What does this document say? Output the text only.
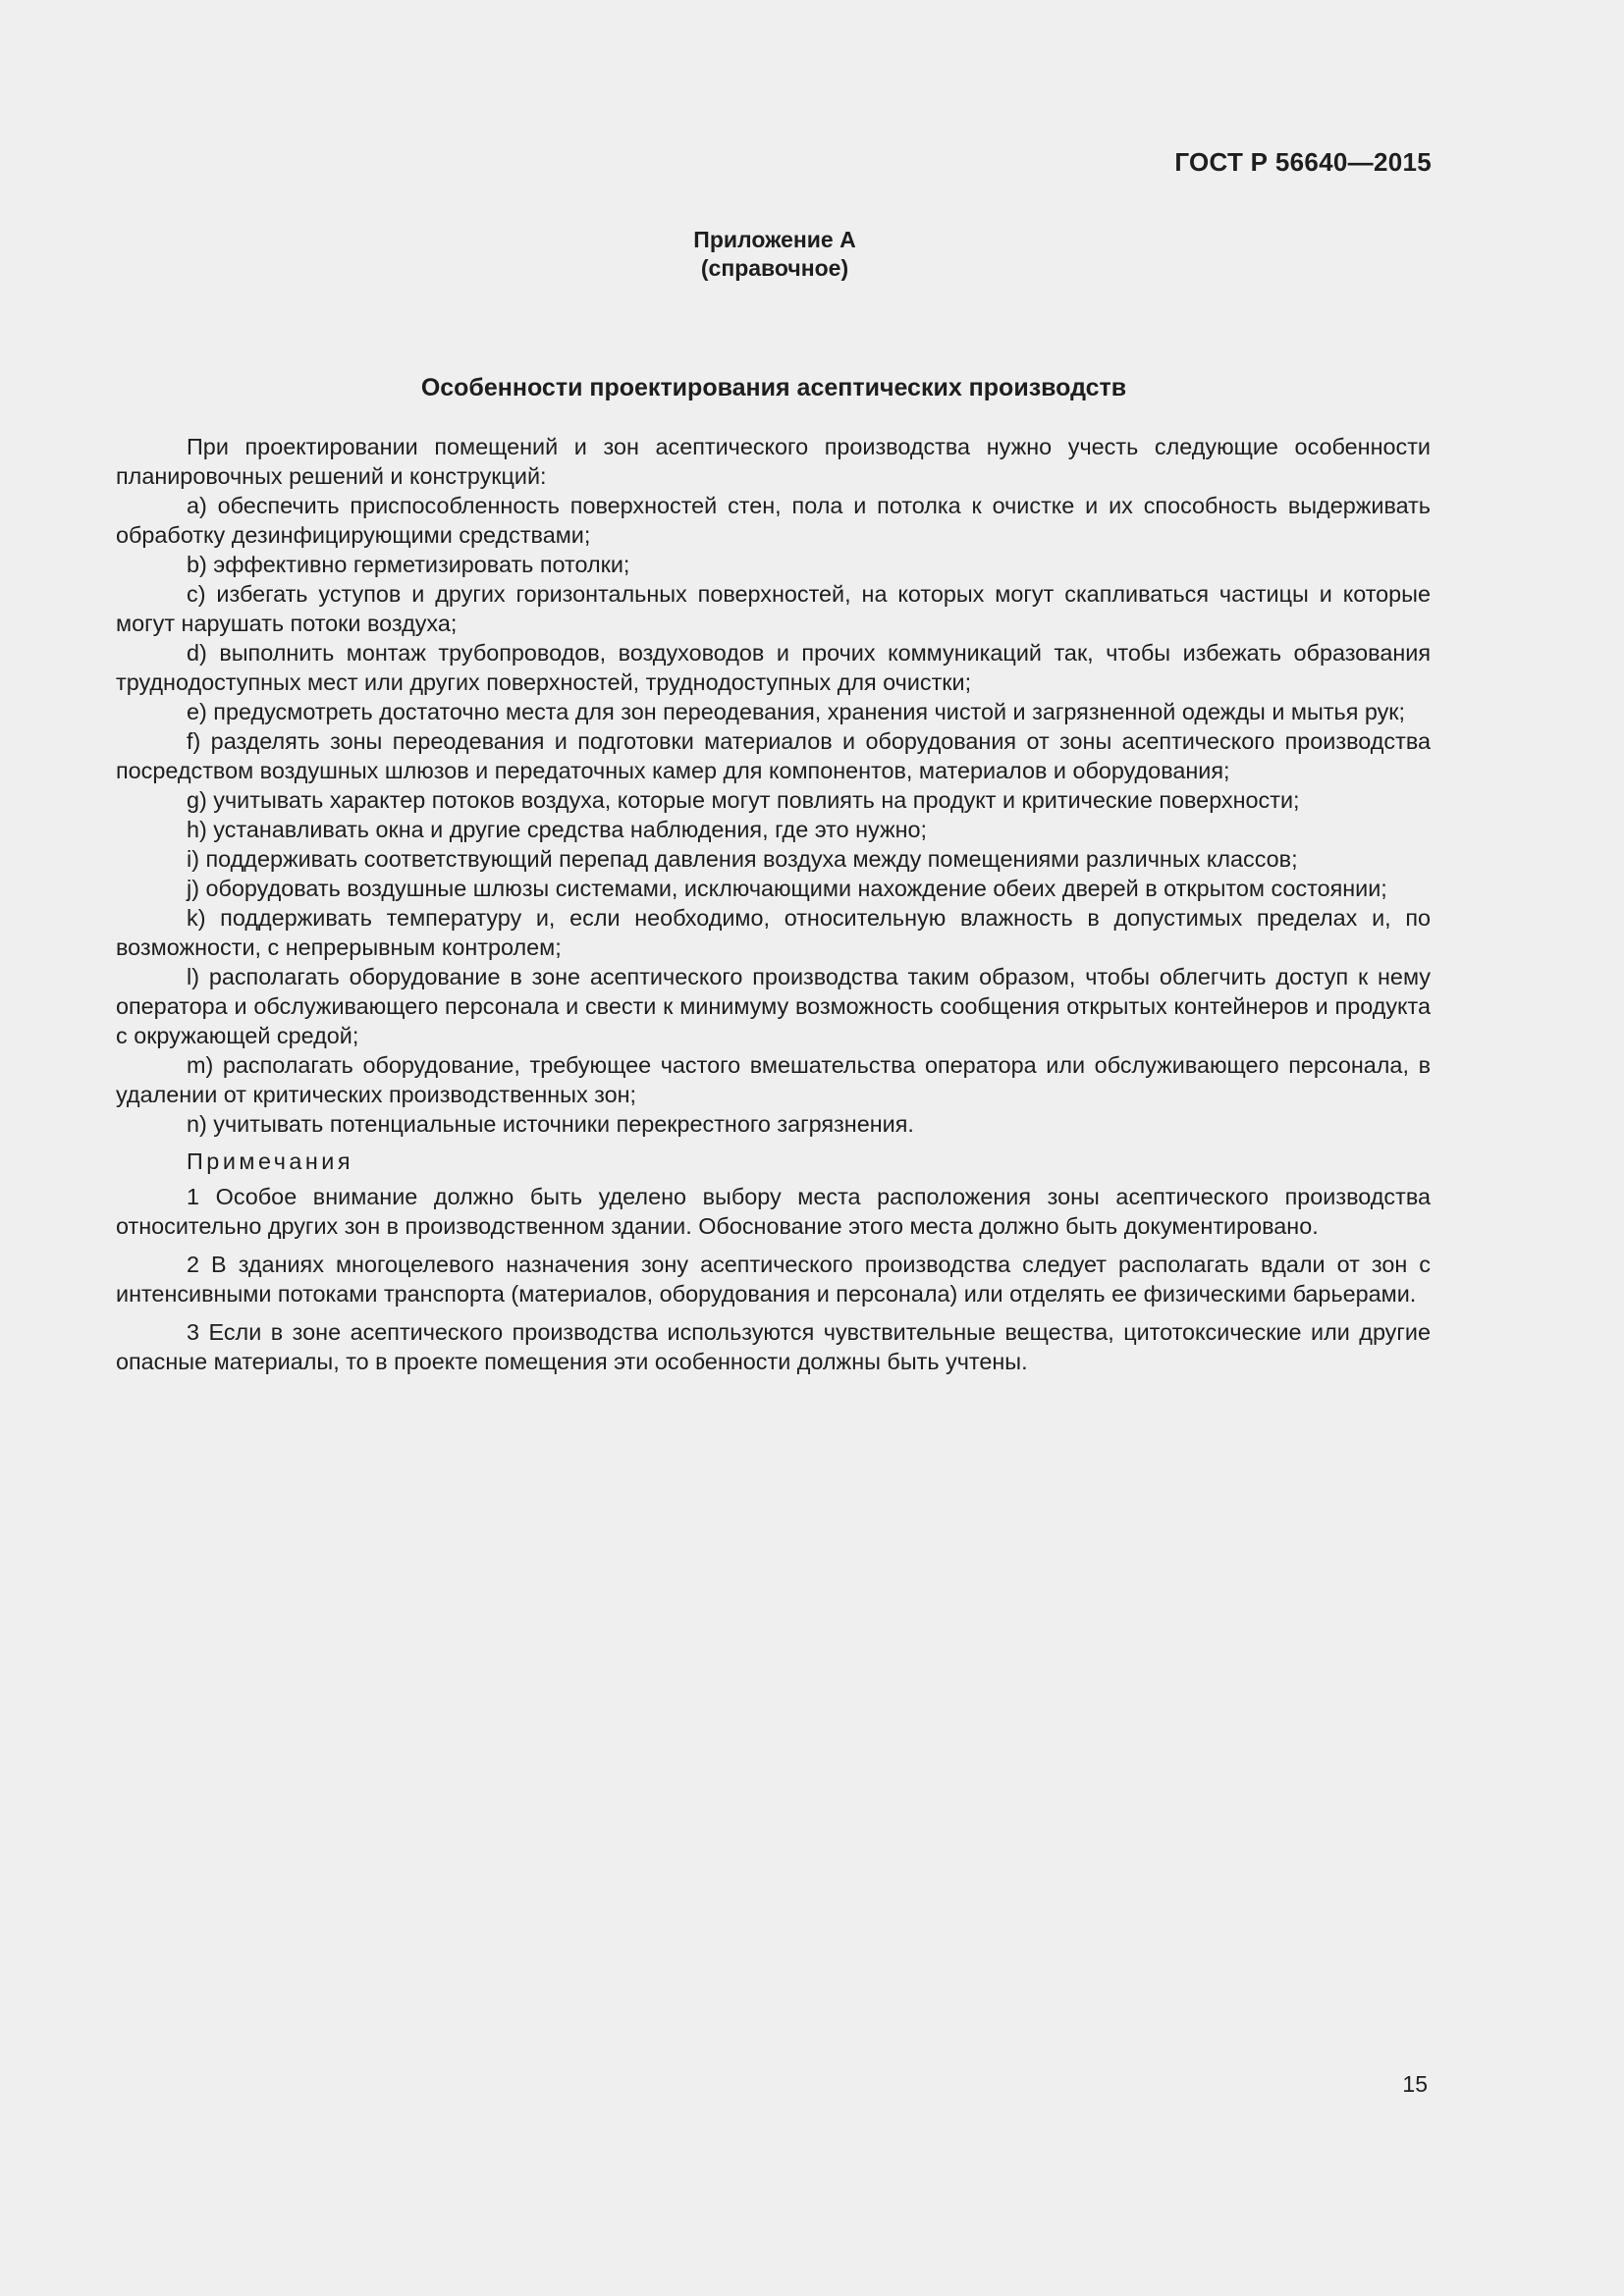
ГОСТ Р 56640—2015
Приложение А
(справочное)
Особенности проектирования асептических производств

При проектировании помещений и зон асептического производства нужно учесть следующие особенности планировочных решений и конструкций:

a) обеспечить приспособленность поверхностей стен, пола и потолка к очистке и их способность выдерживать обработку дезинфицирующими средствами;

b) эффективно герметизировать потолки;

c) избегать уступов и других горизонтальных поверхностей, на которых могут скапливаться частицы и которые могут нарушать потоки воздуха;

d) выполнить монтаж трубопроводов, воздуховодов и прочих коммуникаций так, чтобы избежать образования труднодоступных мест или других поверхностей, труднодоступных для очистки;

e) предусмотреть достаточно места для зон переодевания, хранения чистой и загрязненной одежды и мытья рук;

f) разделять зоны переодевания и подготовки материалов и оборудования от зоны асептического производства посредством воздушных шлюзов и передаточных камер для компонентов, материалов и оборудования;

g) учитывать характер потоков воздуха, которые могут повлиять на продукт и критические поверхности;

h) устанавливать окна и другие средства наблюдения, где это нужно;

i) поддерживать соответствующий перепад давления воздуха между помещениями различных классов;

j) оборудовать воздушные шлюзы системами, исключающими нахождение обеих дверей в открытом состоянии;

k) поддерживать температуру и, если необходимо, относительную влажность в допустимых пределах и, по возможности, с непрерывным контролем;

l) располагать оборудование в зоне асептического производства таким образом, чтобы облегчить доступ к нему оператора и обслуживающего персонала и свести к минимуму возможность сообщения открытых контейнеров и продукта с окружающей средой;

m) располагать оборудование, требующее частого вмешательства оператора или обслуживающего персонала, в удалении от критических производственных зон;

n) учитывать потенциальные источники перекрестного загрязнения.

Примечания

1 Особое внимание должно быть уделено выбору места расположения зоны асептического производства относительно других зон в производственном здании. Обоснование этого места должно быть документировано.

2 В зданиях многоцелевого назначения зону асептического производства следует располагать вдали от зон с интенсивными потоками транспорта (материалов, оборудования и персонала) или отделять ее физическими барьерами.

3 Если в зоне асептического производства используются чувствительные вещества, цитотоксические или другие опасные материалы, то в проекте помещения эти особенности должны быть учтены.

15
